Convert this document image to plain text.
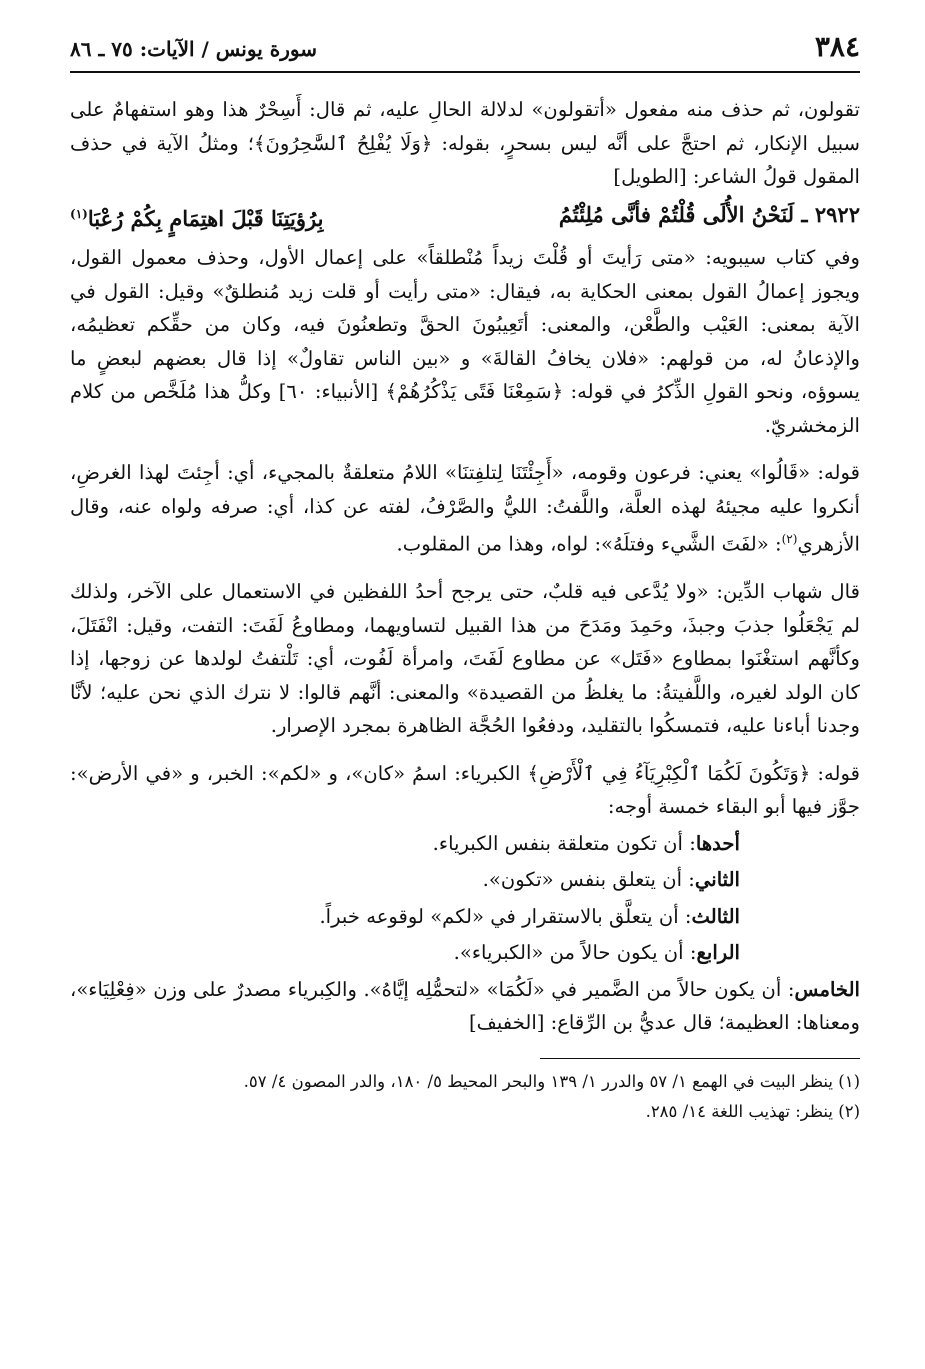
٣٨٤
سورة يونس / الآيات: ٧٥ ـ ٨٦

تقولون، ثم حذف منه مفعول «أتقولون» لدلالة الحالِ عليه، ثم قال: أَسِحْرٌ هذا وهو استفهامٌ على سبيل الإنكار، ثم احتجَّ على أنَّه ليس بسحرٍ، بقوله: ﴿وَلَا يُفْلِحُ ٱلسَّٰحِرُونَ﴾؛ ومثلُ الآية في حذف المقول قولُ الشاعر: [الطويل]

٢٩٢٢ ـ لَنَحْنُ الأُلَى قُلْتُمْ فأنَّى مُلِئْتُمُ
بِرُؤيَتِنَا قَبْلَ اهتِمَامٍ بِكُمْ رُعْبَا$^{(١)}$

وفي كتاب سيبويه: «متى رَأيتَ أو قُلْتَ زيداً مُنْطلقاً» على إعمال الأول، وحذف معمول القول، ويجوز إعمالُ القول بمعنى الحكاية به، فيقال: «متى رأيت أو قلت زيد مُنطلقٌ» وقيل: القول في الآية بمعنى: العَيْب والطَّعْن، والمعنى: أتَعِيبُونَ الحقَّ وتطعنُونَ فيه، وكان من حقِّكم تعظيمُه، والإذعانُ له، من قولهم: «فلان يخافُ القالةَ» و «بين الناس تقاولٌ» إذا قال بعضهم لبعضٍ ما يسوؤه، ونحو القولِ الذِّكرُ في قوله: ﴿سَمِعْنَا فَتًى يَذْكُرُهُمْ﴾ [الأنبياء: ٦٠] وكلُّ هذا مُلَخَّص من كلام الزمخشريّ.

قوله: «قَالُوا» يعني: فرعون وقومه، «أَجِئْتَنَا لِتلفِتنَا» اللامُ متعلقةٌ بالمجيء، أي: أجِئتَ لهذا الغرضِ، أنكروا عليه مجيئهُ لهذه العلَّة، واللَّفتُ: الليُّ والصَّرْفُ، لفته عن كذا، أي: صرفه ولواه عنه، وقال الأزهري$^{(٢)}$: «لفَتَ الشَّيء وفتلَهُ»: لواه، وهذا من المقلوب.

قال شهاب الدِّين: «ولا يُدَّعى فيه قلبٌ، حتى يرجح أحدُ اللفظين في الاستعمال على الآخر، ولذلك لم يَجْعَلُوا جذبَ وجبذَ، وحَمِدَ ومَدَحَ من هذا القبيل لتساويهما، ومطاوعُ لَفَتَ: التفت، وقيل: انْفَتَلَ، وكأنَّهم استغْنَوا بمطاوع «فَتَل» عن مطاوع لَفَتَ، وامرأة لَفُوت، أي: تَلْتفتُ لولدها عن زوجها، إذا كان الولد لغيره، واللَّفيتةُ: ما يغلظُ من القصيدة» والمعنى: أنَّهم قالوا: لا نترك الذي نحن عليه؛ لأنَّا وجدنا أباءنا عليه، فتمسكُوا بالتقليد، ودفعُوا الحُجَّة الظاهرة بمجرد الإصرار.

قوله: ﴿وَتَكُونَ لَكُمَا ٱلْكِبْرِيَآءُ فِي ٱلْأَرْضِ﴾ الكبرياء: اسمُ «كان»، و «لكم»: الخبر، و «في الأرض»: جوَّز فيها أبو البقاء خمسة أوجه:

أحدها: أن تكون متعلقة بنفس الكبرياء.
الثاني: أن يتعلق بنفس «تكون».
الثالث: أن يتعلَّق بالاستقرار في «لكم» لوقوعه خبراً.
الرابع: أن يكون حالاً من «الكبرياء».

الخامس: أن يكون حالاً من الضَّمير في «لَكُمَا» «لتحمُّلِه إيَّاهُ». والكِبرياء مصدرٌ على وزن «فِعْلِيَاء»، ومعناها: العظيمة؛ قال عديُّ بن الرِّقاع: [الخفيف]

(١) ينظر البيت في الهمع ١/ ٥٧ والدرر ١/ ١٣٩ والبحر المحيط ٥/ ١٨٠، والدر المصون ٤/ ٥٧.
(٢) ينظر: تهذيب اللغة ١٤/ ٢٨٥.
